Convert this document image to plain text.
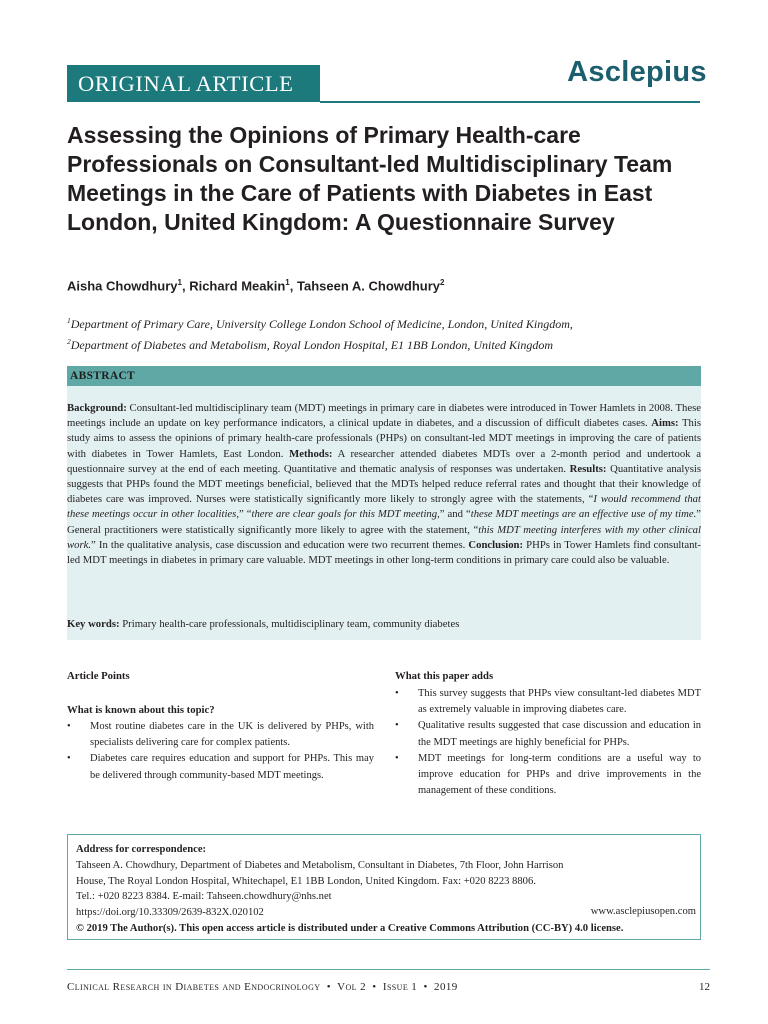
ORIGINAL ARTICLE	Asclepius
Assessing the Opinions of Primary Health-care Professionals on Consultant-led Multidisciplinary Team Meetings in the Care of Patients with Diabetes in East London, United Kingdom: A Questionnaire Survey
Aisha Chowdhury$^1$, Richard Meakin$^1$, Tahseen A. Chowdhury$^2$
$^1$Department of Primary Care, University College London School of Medicine, London, United Kingdom,
$^2$Department of Diabetes and Metabolism, Royal London Hospital, E1 1BB London, United Kingdom
ABSTRACT
Background: Consultant-led multidisciplinary team (MDT) meetings in primary care in diabetes were introduced in Tower Hamlets in 2008. These meetings include an update on key performance indicators, a clinical update in diabetes, and a discussion of difficult diabetes cases. Aims: This study aims to assess the opinions of primary health-care professionals (PHPs) on consultant-led MDT meetings in improving the care of patients with diabetes in Tower Hamlets, East London. Methods: A researcher attended diabetes MDTs over a 2-month period and undertook a questionnaire survey at the end of each meeting. Quantitative and thematic analysis of responses was undertaken. Results: Quantitative analysis suggests that PHPs found the MDT meetings beneficial, believed that the MDTs helped reduce referral rates and thought that their knowledge of diabetes care was improved. Nurses were statistically significantly more likely to strongly agree with the statements, “I would recommend that these meetings occur in other localities,” “there are clear goals for this MDT meeting,” and “these MDT meetings are an effective use of my time.” General practitioners were statistically significantly more likely to agree with the statement, “this MDT meeting interferes with my other clinical work.” In the qualitative analysis, case discussion and education were two recurrent themes. Conclusion: PHPs in Tower Hamlets find consultant-led MDT meetings in diabetes in primary care valuable. MDT meetings in other long-term conditions in primary care could also be valuable.
Key words: Primary health-care professionals, multidisciplinary team, community diabetes
Article Points
What is known about this topic?
• Most routine diabetes care in the UK is delivered by PHPs, with specialists delivering care for complex patients.
• Diabetes care requires education and support for PHPs. This may be delivered through community-based MDT meetings.
What this paper adds
• This survey suggests that PHPs view consultant-led diabetes MDT as extremely valuable in improving diabetes care.
• Qualitative results suggested that case discussion and education in the MDT meetings are highly beneficial for PHPs.
• MDT meetings for long-term conditions are a useful way to improve education for PHPs and drive improvements in the management of these conditions.
Address for correspondence:
Tahseen A. Chowdhury, Department of Diabetes and Metabolism, Consultant in Diabetes, 7th Floor, John Harrison
House, The Royal London Hospital, Whitechapel, E1 1BB London, United Kingdom. Fax: +020 8223 8806.
Tel.: +020 8223 8384. E-mail: Tahseen.chowdhury@nhs.net
https://doi.org/10.33309/2639-832X.020102
© 2019 The Author(s). This open access article is distributed under a Creative Commons Attribution (CC-BY) 4.0 license.
www.asclepiusopen.com
Clinical Research in Diabetes and Endocrinology • Vol 2 • Issue 1 • 2019	12
